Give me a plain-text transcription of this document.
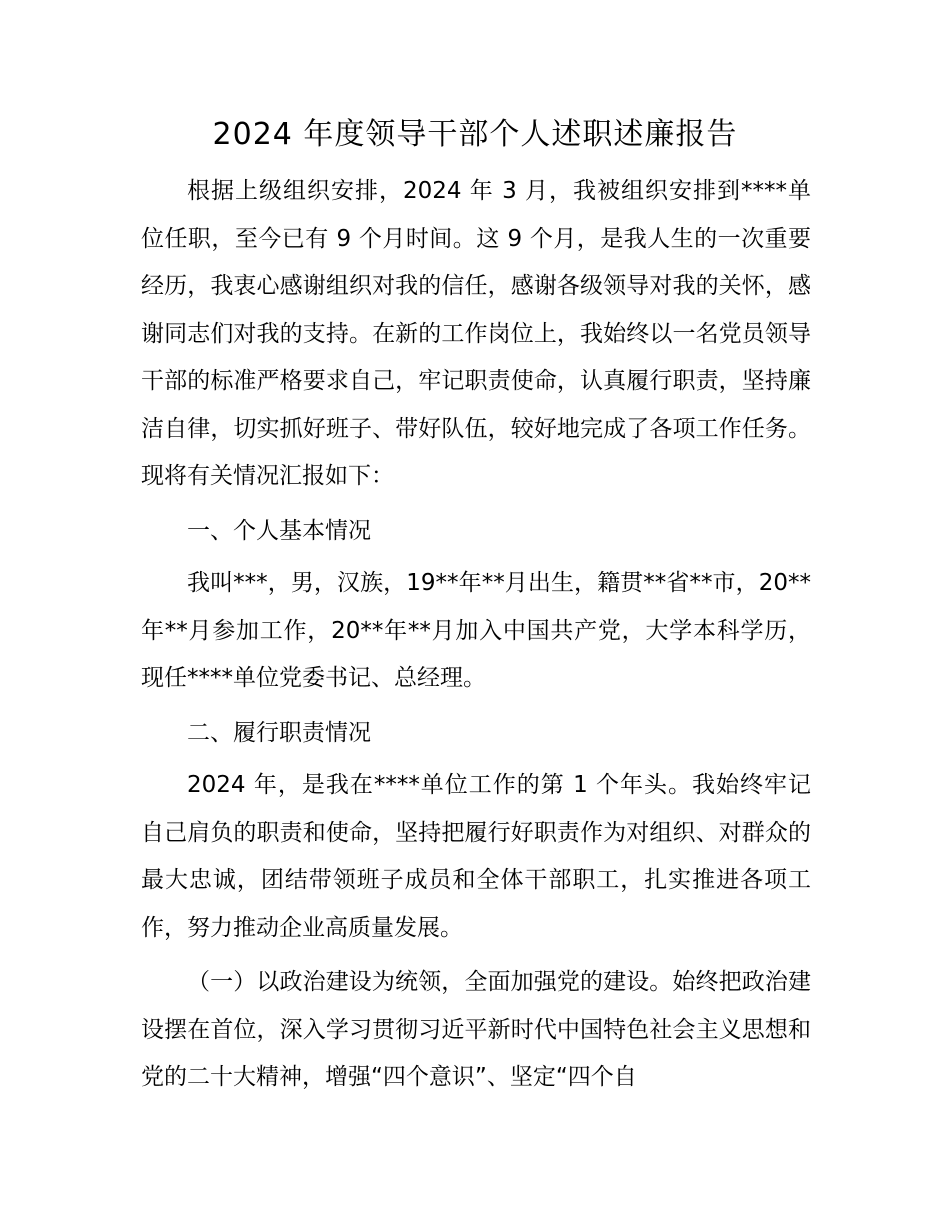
2024 年度领导干部个人述职述廉报告

根据上级组织安排，2024 年 3 月，我被组织安排到****单位任职，至今已有 9 个月时间。这 9 个月，是我人生的一次重要经历，我衷心感谢组织对我的信任，感谢各级领导对我的关怀，感谢同志们对我的支持。在新的工作岗位上，我始终以一名党员领导干部的标准严格要求自己，牢记职责使命，认真履行职责，坚持廉洁自律，切实抓好班子、带好队伍，较好地完成了各项工作任务。现将有关情况汇报如下：

一、个人基本情况

我叫***，男，汉族，19**年**月出生，籍贯**省**市，20**年**月参加工作，20**年**月加入中国共产党，大学本科学历，现任****单位党委书记、总经理。

二、履行职责情况

2024 年，是我在****单位工作的第 1 个年头。我始终牢记自己肩负的职责和使命，坚持把履行好职责作为对组织、对群众的最大忠诚，团结带领班子成员和全体干部职工，扎实推进各项工作，努力推动企业高质量发展。

（一）以政治建设为统领，全面加强党的建设。始终把政治建设摆在首位，深入学习贯彻习近平新时代中国特色社会主义思想和党的二十大精神，增强“四个意识”、坚定“四个自
